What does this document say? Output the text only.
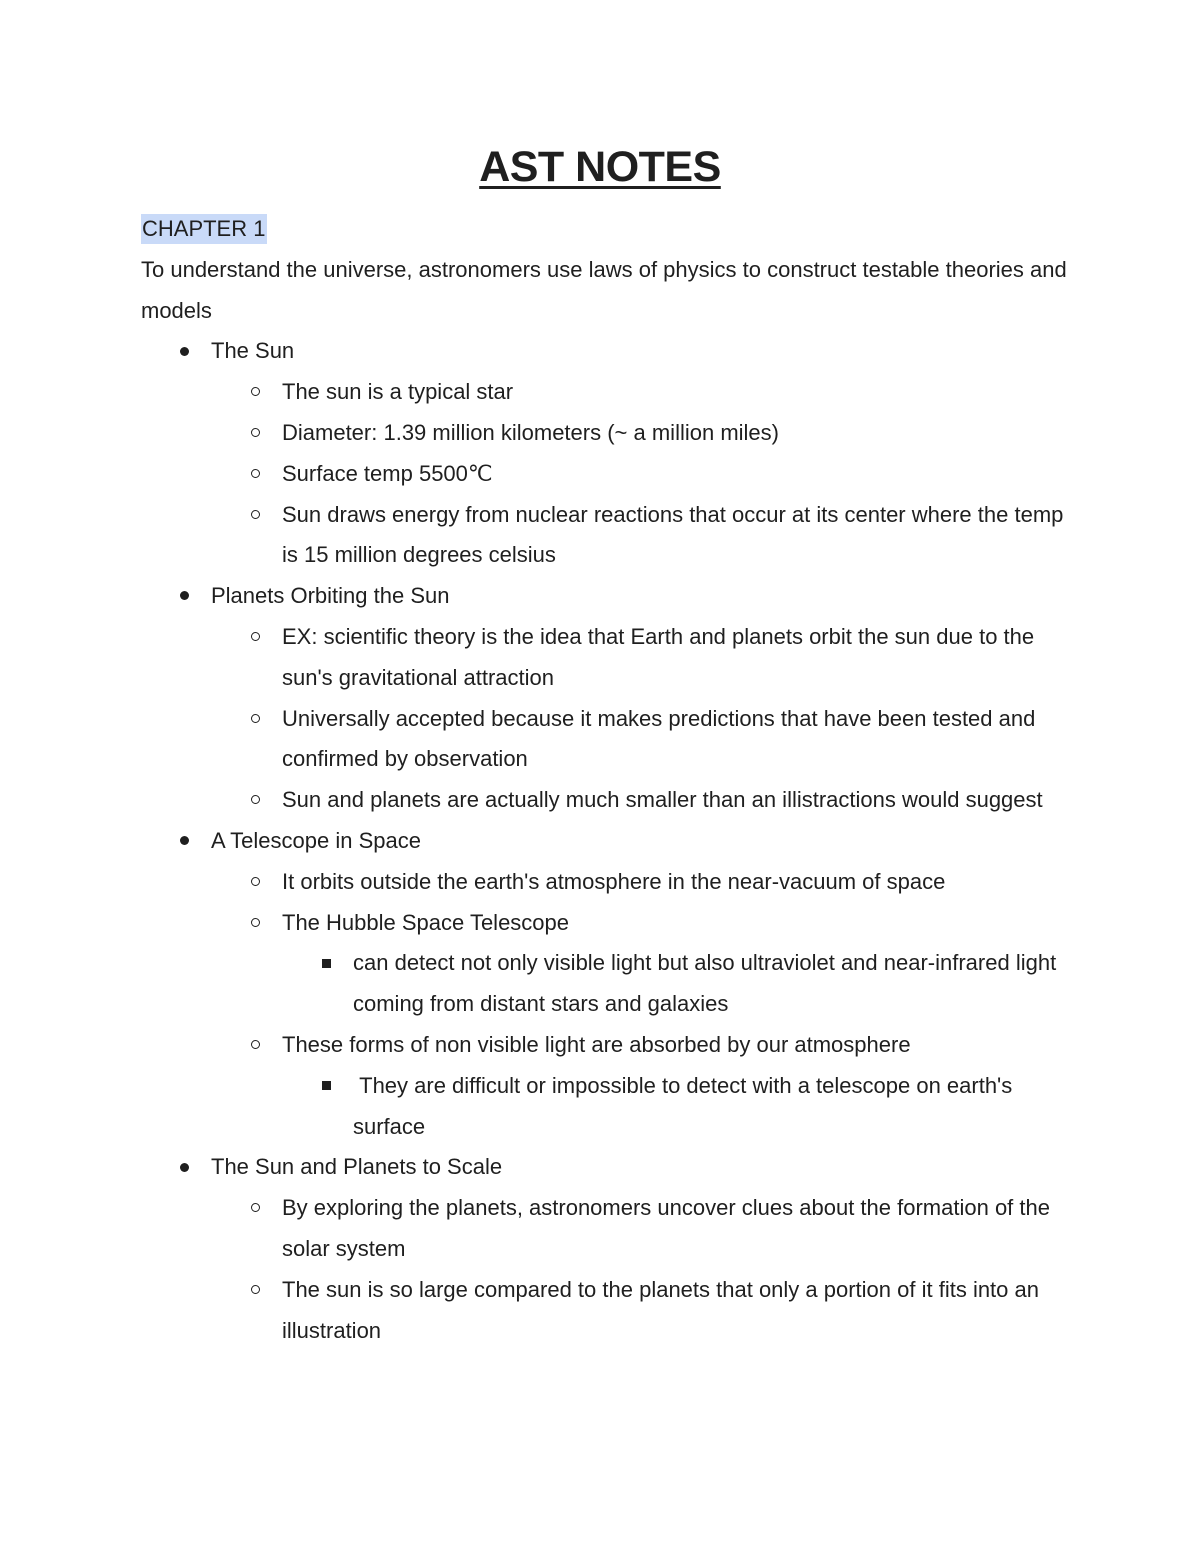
AST NOTES
CHAPTER 1
To understand the universe, astronomers use laws of physics to construct testable theories and models
The Sun
The sun is a typical star
Diameter: 1.39 million kilometers (~ a million miles)
Surface temp 5500℃
Sun draws energy from nuclear reactions that occur at its center where the temp is 15 million degrees celsius
Planets Orbiting the Sun
EX: scientific theory is the idea that Earth and planets orbit the sun due to the sun's gravitational attraction
Universally accepted because it makes predictions that have been tested and confirmed by observation
Sun and planets are actually much smaller than an illistractions would suggest
A Telescope in Space
It orbits outside the earth's atmosphere in the near-vacuum of space
The Hubble Space Telescope
can detect not only visible light but also ultraviolet and near-infrared light coming from distant stars and galaxies
These forms of non visible light are absorbed by our atmosphere
They are difficult or impossible to detect with a telescope on earth's surface
The Sun and Planets to Scale
By exploring the planets, astronomers uncover clues about the formation of the solar system
The sun is so large compared to the planets that only a portion of it fits into an illustration
